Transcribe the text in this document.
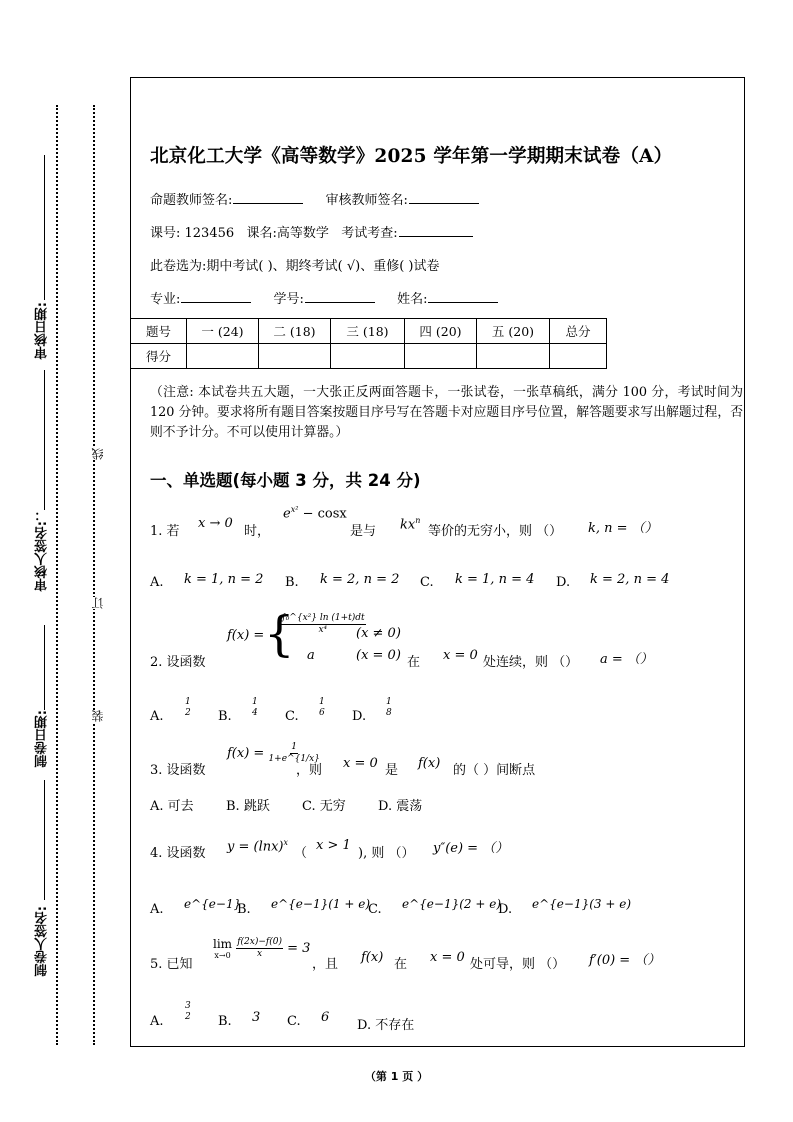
审核日期:
审核人签名:：
制卷日期:
制卷人签名:
线
订
装
北京化工大学《高等数学》2025 学年第一学期期末试卷（A）
命题教师签名:	审核教师签名:
课号: 123456   课名:高等数学   考试考查:
此卷选为:期中考试( )、期终考试( √)、重修( )试卷
专业:	学号:	姓名:
题号	一 (24)	二 (18)	三 (18)	四 (20)	五 (20)	总分
得分						
（注意: 本试卷共五大题，一大张正反两面答题卡，一张试卷，一张草稿纸，满分 100 分，考试时间为 120 分钟。要求将所有题目答案按题目序号写在答题卡对应题目序号位置，解答题要求写出解题过程，否则不予计分。不可以使用计算器。）
一、单选题(每小题 3 分，共 24 分)
1. 若
x → 0
时，
$e^{x^2} - \cos x$
是与 $kx^n$
等价的无穷小，则 （） k, n = （）
A. k = 1, n = 2 B. k = 2, n = 2 C. k = 1, n = 4 D. k = 2, n = 4
2. 设函数
f(x) = {
$\frac{\text{∫₀\textasciicircum{}\{x²\} ln (1+t)dt}}{\text{x⁴}}$
(x ≠ 0)
a	(x = 0) 在 x = 0 处连续，则 （） a = （）
A.
1
2 B.
1
4 C.
1
6 D.
1
8
3. 设函数
$f(x) = \frac{1}{1+e\^{}\{1/x\}}$
，则 x = 0 是 f(x) 的（ ）间断点
A. 可去 B. 跳跃 C. 无穷 D. 震荡
4. 设函数 $y = (\ln x)^x$
（
x > 1
), 则 （） y″(e) = （）
A. e^{e−1}
B. e^{e−1}(1 + e)
C. e^{e−1}(2 + e)
D. e^{e−1}(3 + e)
5. 已知
lim
x→0
$\frac{f(2x)-f(0)}{x} = 3$
，且 f(x) 在 x = 0 处可导，则 （） f′(0) = （）
A.
3
2 B. 3 C. 6
D. 不存在
（第 1 页 ）
